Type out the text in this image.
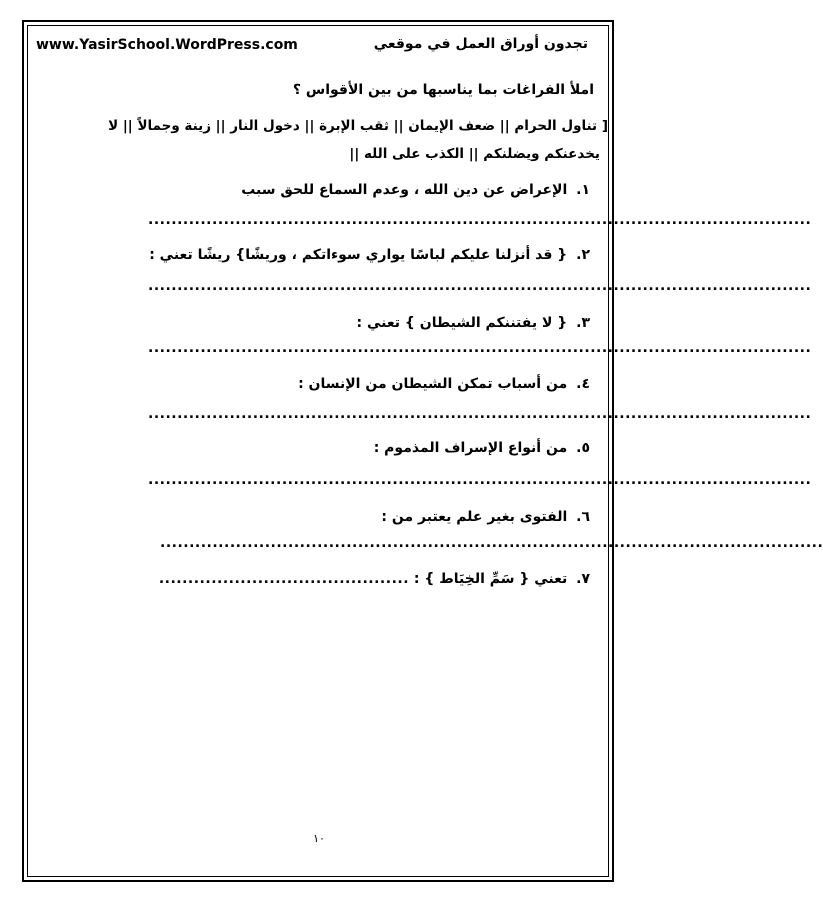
www.YasirSchool.WordPress.com	تجدون أوراق العمل في موقعي
املأ الفراغات بما يناسبها من بين الأقواس ؟
[ تناول الحرام || ضعف الإيمان || ثقب الإبرة || دخول النار || زينة وجمالاً || لا
يخدعنكم ويضلنكم || الكذب على الله ||
١. الإعراض عن دين الله ، وعدم السماع للحق سبب
..................................................................................................................
٢. { قد أنزلنا عليكم لباسًا يواري سوءاتكم ، وريشًا} ريشًا تعني :
..................................................................................................................
٣. { لا يفتننكم الشيطان } تعني :
..................................................................................................................
٤. من أسباب تمكن الشيطان من الإنسان :
..................................................................................................................
٥. من أنواع الإسراف المذموم :
..................................................................................................................
٦. الفتوى بغير علم يعتبر من :
..................................................................................................................
٧. تعني { سَمِّ الخِيَاط } : ...........................................
١٠
